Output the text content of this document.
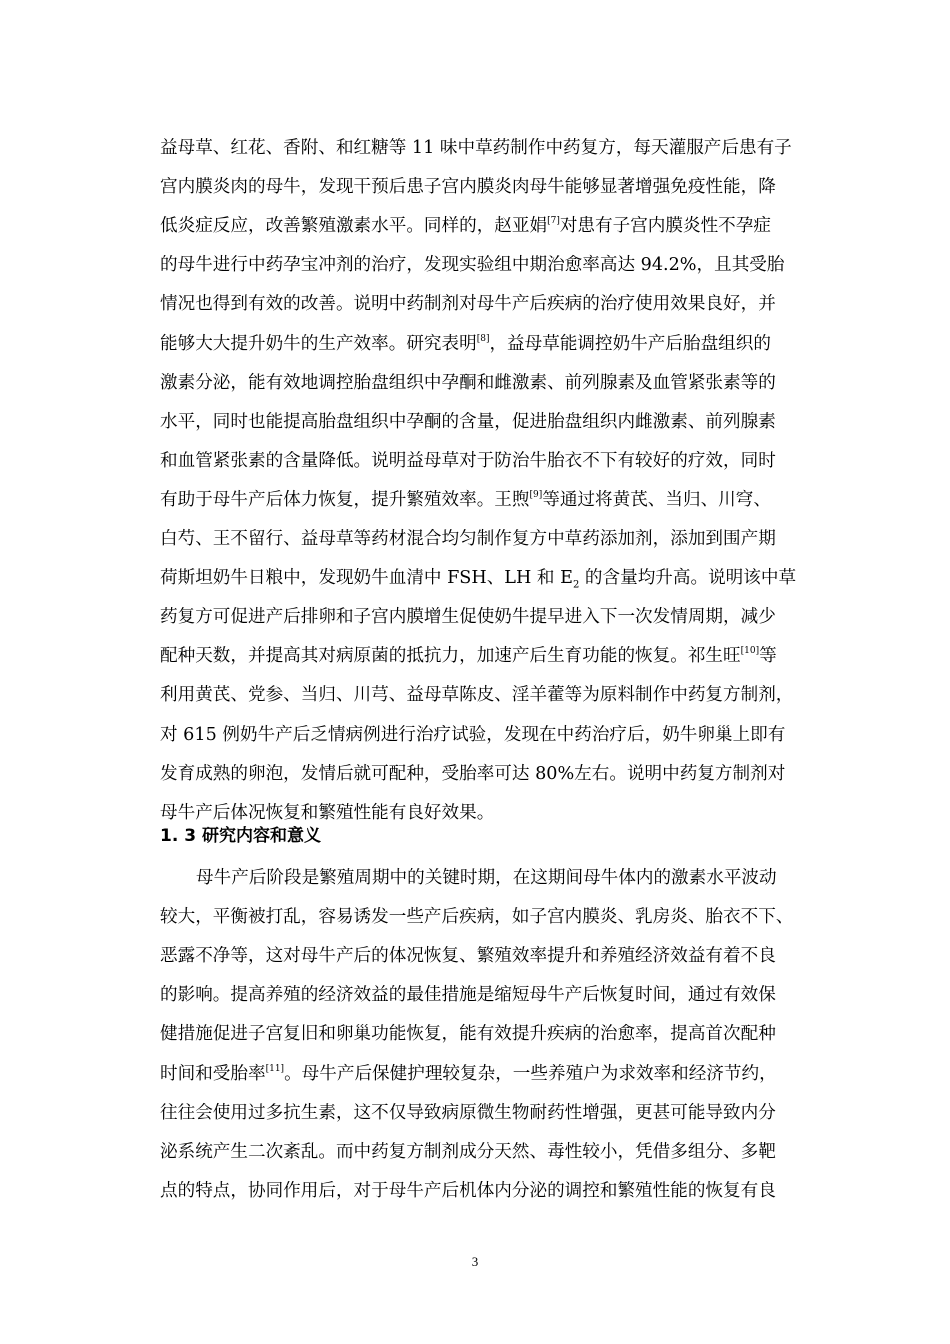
益母草、红花、香附、和红糖等 11 味中草药制作中药复方，每天灌服产后患有子
宫内膜炎肉的母牛，发现干预后患子宫内膜炎肉母牛能够显著增强免疫性能，降
低炎症反应，改善繁殖激素水平。同样的，赵亚娟[7]对患有子宫内膜炎性不孕症
的母牛进行中药孕宝冲剂的治疗，发现实验组中期治愈率高达 94.2%，且其受胎
情况也得到有效的改善。说明中药制剂对母牛产后疾病的治疗使用效果良好，并
能够大大提升奶牛的生产效率。研究表明[8]，益母草能调控奶牛产后胎盘组织的
激素分泌，能有效地调控胎盘组织中孕酮和雌激素、前列腺素及血管紧张素等的
水平，同时也能提高胎盘组织中孕酮的含量，促进胎盘组织内雌激素、前列腺素
和血管紧张素的含量降低。说明益母草对于防治牛胎衣不下有较好的疗效，同时
有助于母牛产后体力恢复，提升繁殖效率。王煦[9]等通过将黄芪、当归、川穹、
白芍、王不留行、益母草等药材混合均匀制作复方中草药添加剂，添加到围产期
荷斯坦奶牛日粮中，发现奶牛血清中 FSH、LH 和 $E_2$ 的含量均升高。说明该中草
药复方可促进产后排卵和子宫内膜增生促使奶牛提早进入下一次发情周期，减少
配种天数，并提高其对病原菌的抵抗力，加速产后生育功能的恢复。祁生旺[10]等
利用黄芪、党参、当归、川芎、益母草陈皮、淫羊藿等为原料制作中药复方制剂，
对 615 例奶牛产后乏情病例进行治疗试验，发现在中药治疗后，奶牛卵巢上即有
发育成熟的卵泡，发情后就可配种，受胎率可达 80%左右。说明中药复方制剂对
母牛产后体况恢复和繁殖性能有良好效果。
1. 3 研究内容和意义
母牛产后阶段是繁殖周期中的关键时期，在这期间母牛体内的激素水平波动
较大，平衡被打乱，容易诱发一些产后疾病，如子宫内膜炎、乳房炎、胎衣不下、
恶露不净等，这对母牛产后的体况恢复、繁殖效率提升和养殖经济效益有着不良
的影响。提高养殖的经济效益的最佳措施是缩短母牛产后恢复时间，通过有效保
健措施促进子宫复旧和卵巢功能恢复，能有效提升疾病的治愈率，提高首次配种
时间和受胎率[11]。母牛产后保健护理较复杂，一些养殖户为求效率和经济节约，
往往会使用过多抗生素，这不仅导致病原微生物耐药性增强，更甚可能导致内分
泌系统产生二次紊乱。而中药复方制剂成分天然、毒性较小，凭借多组分、多靶
点的特点，协同作用后，对于母牛产后机体内分泌的调控和繁殖性能的恢复有良
3
